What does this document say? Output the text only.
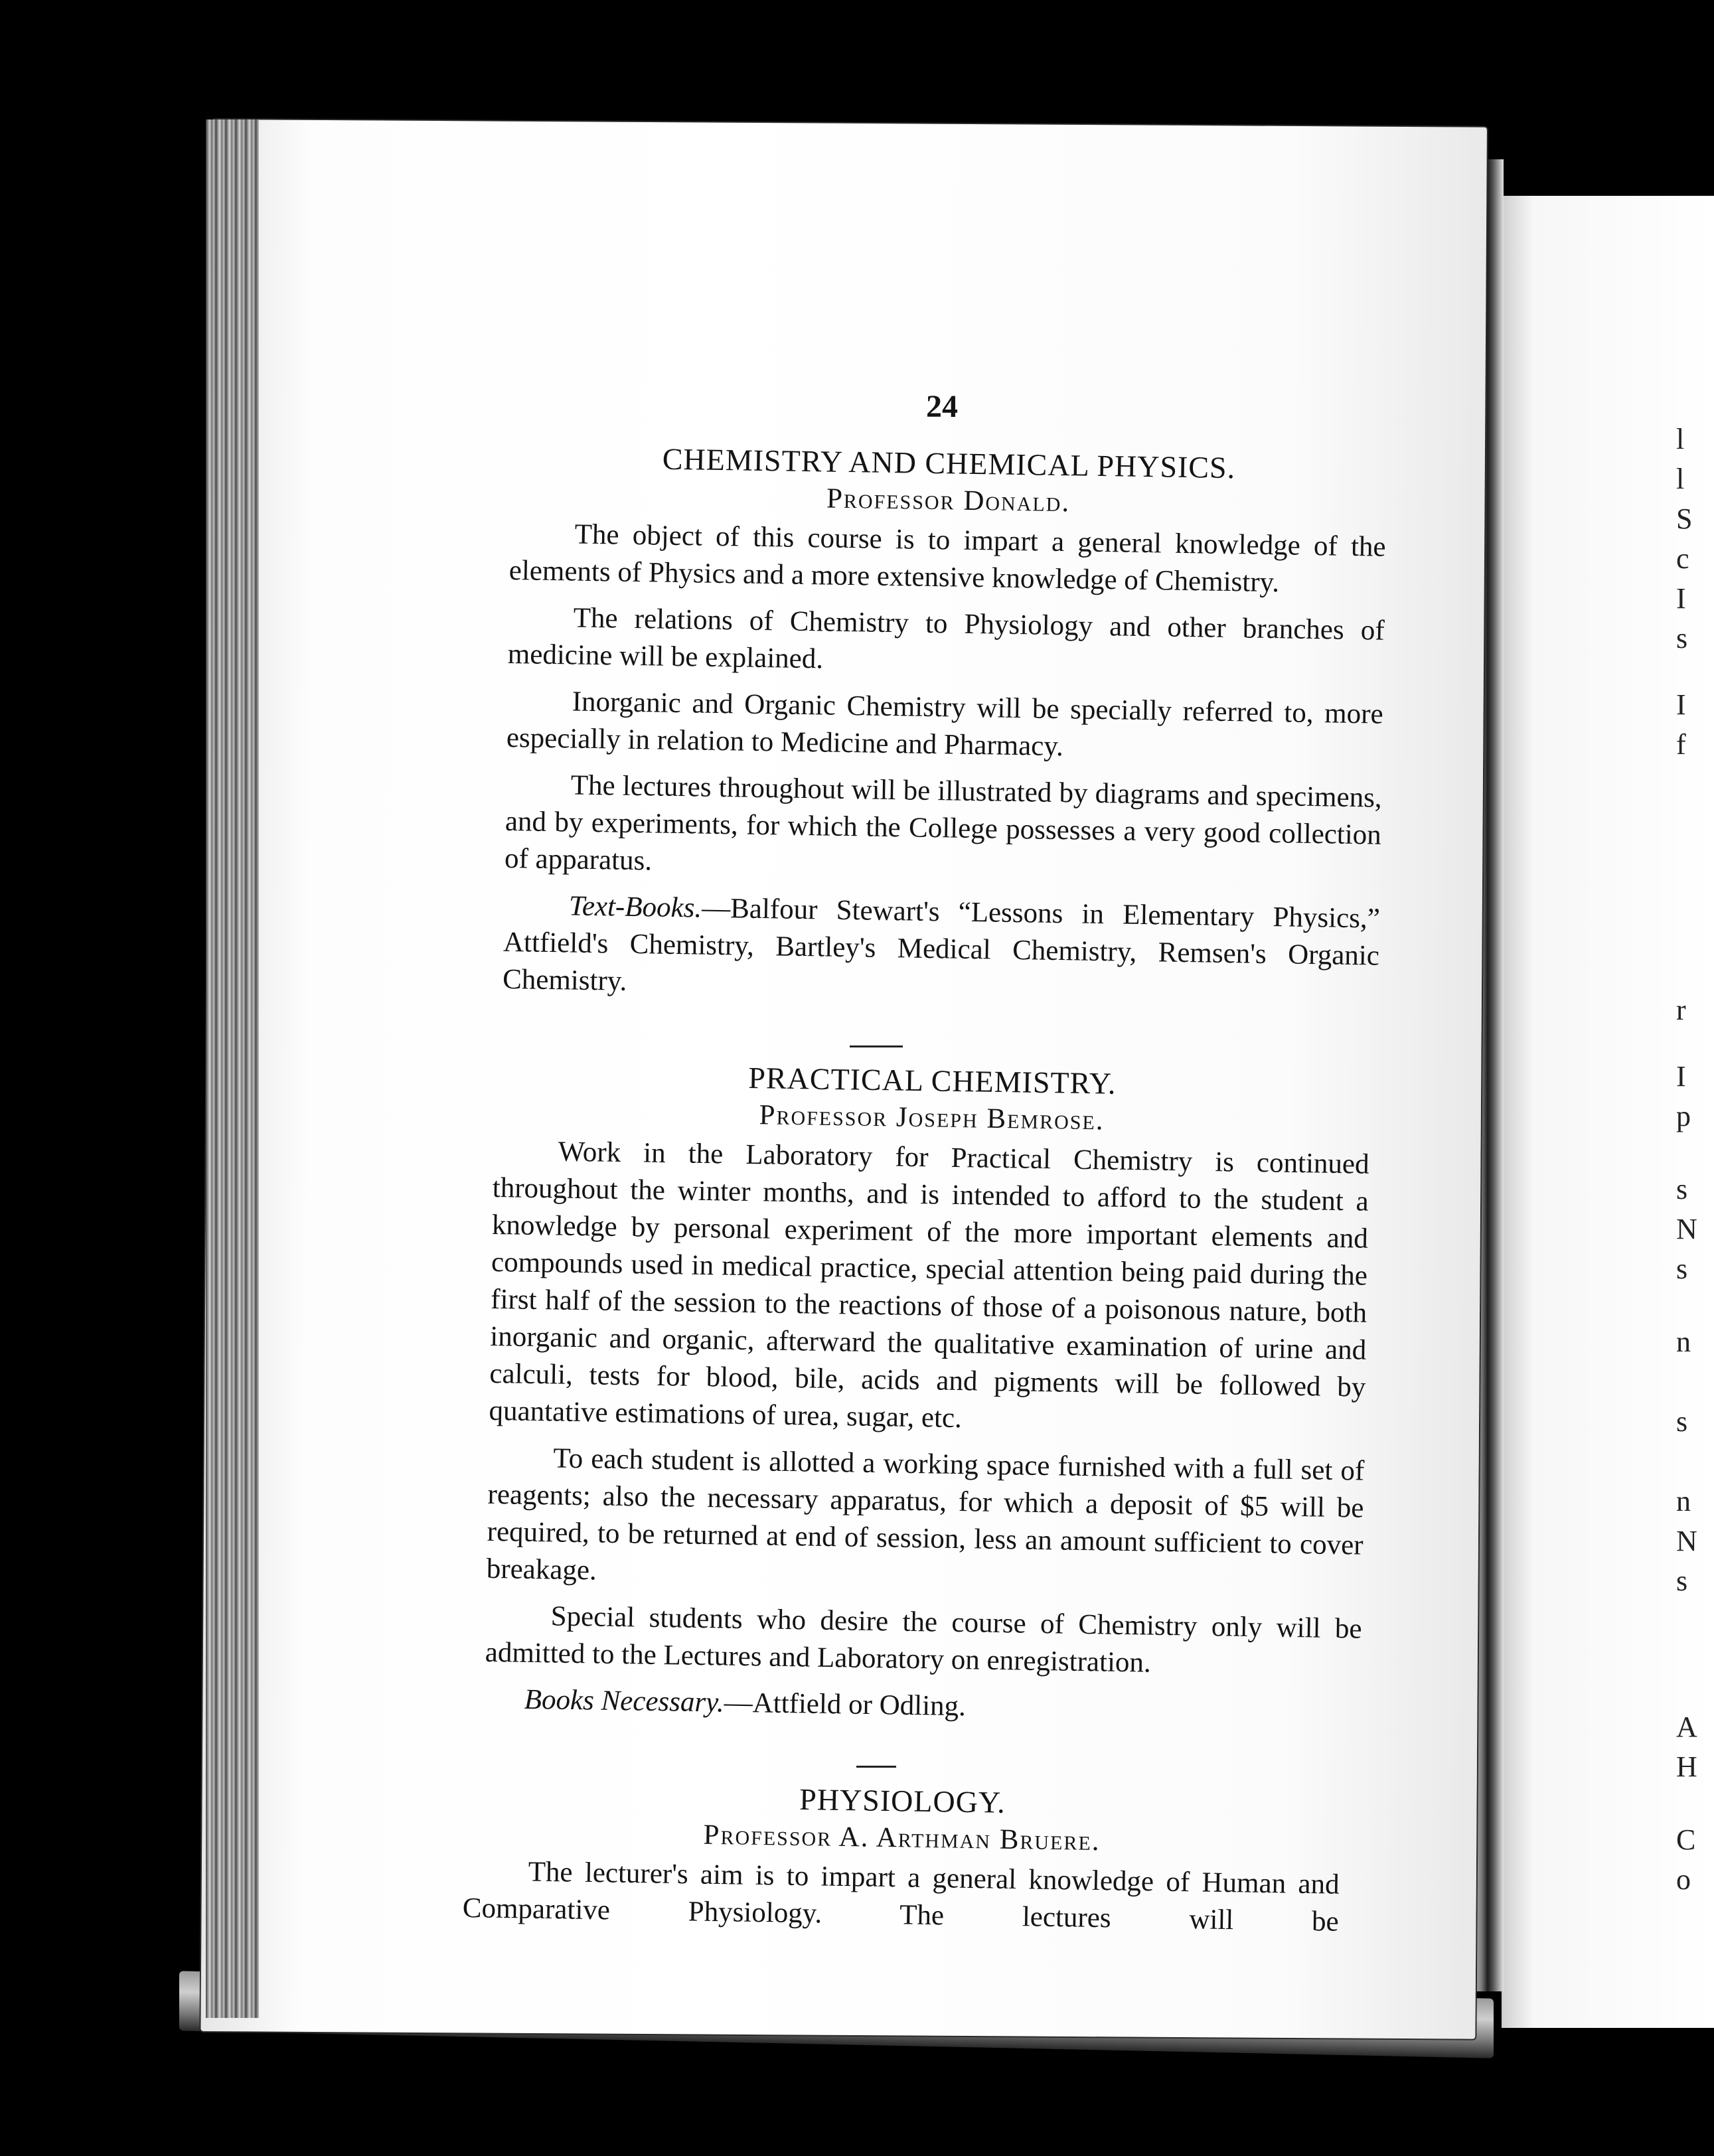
l
l
S
c
I
s
I
f
r
I
p
s
N
s
n
s
n
N
s
A
H
C
o
24
CHEMISTRY AND CHEMICAL PHYSICS.
Professor Donald.

The object of this course is to impart a general knowledge of the elements of Physics and a more extensive knowledge of Chemistry.

The relations of Chemistry to Physiology and other branches of medicine will be explained.

Inorganic and Organic Chemistry will be specially referred to, more especially in relation to Medicine and Pharmacy.

The lectures throughout will be illustrated by diagrams and specimens, and by experiments, for which the College possesses a very good collection of apparatus.

Text-Books.—Balfour Stewart's “Lessons in Elementary Physics,” Attfield's Chemistry, Bartley's Medical Chemistry, Remsen's Organic Chemistry.

PRACTICAL CHEMISTRY.
Professor Joseph Bemrose.

Work in the Laboratory for Practical Chemistry is continued throughout the winter months, and is intended to afford to the student a knowledge by personal experiment of the more important elements and compounds used in medical practice, special attention being paid during the first half of the session to the reactions of those of a poisonous nature, both inorganic and organic, afterward the qualitative examination of urine and calculi, tests for blood, bile, acids and pigments will be followed by quantative estimations of urea, sugar, etc.

To each student is allotted a working space furnished with a full set of reagents; also the necessary apparatus, for which a deposit of $5 will be required, to be returned at end of session, less an amount sufficient to cover breakage.

Special students who desire the course of Chemistry only will be admitted to the Lectures and Laboratory on enregistration.

Books Necessary.—Attfield or Odling.

PHYSIOLOGY.
Professor A. Arthman Bruere.

The lecturer's aim is to impart a general knowledge of Human and Comparative Physiology. The lectures will be
